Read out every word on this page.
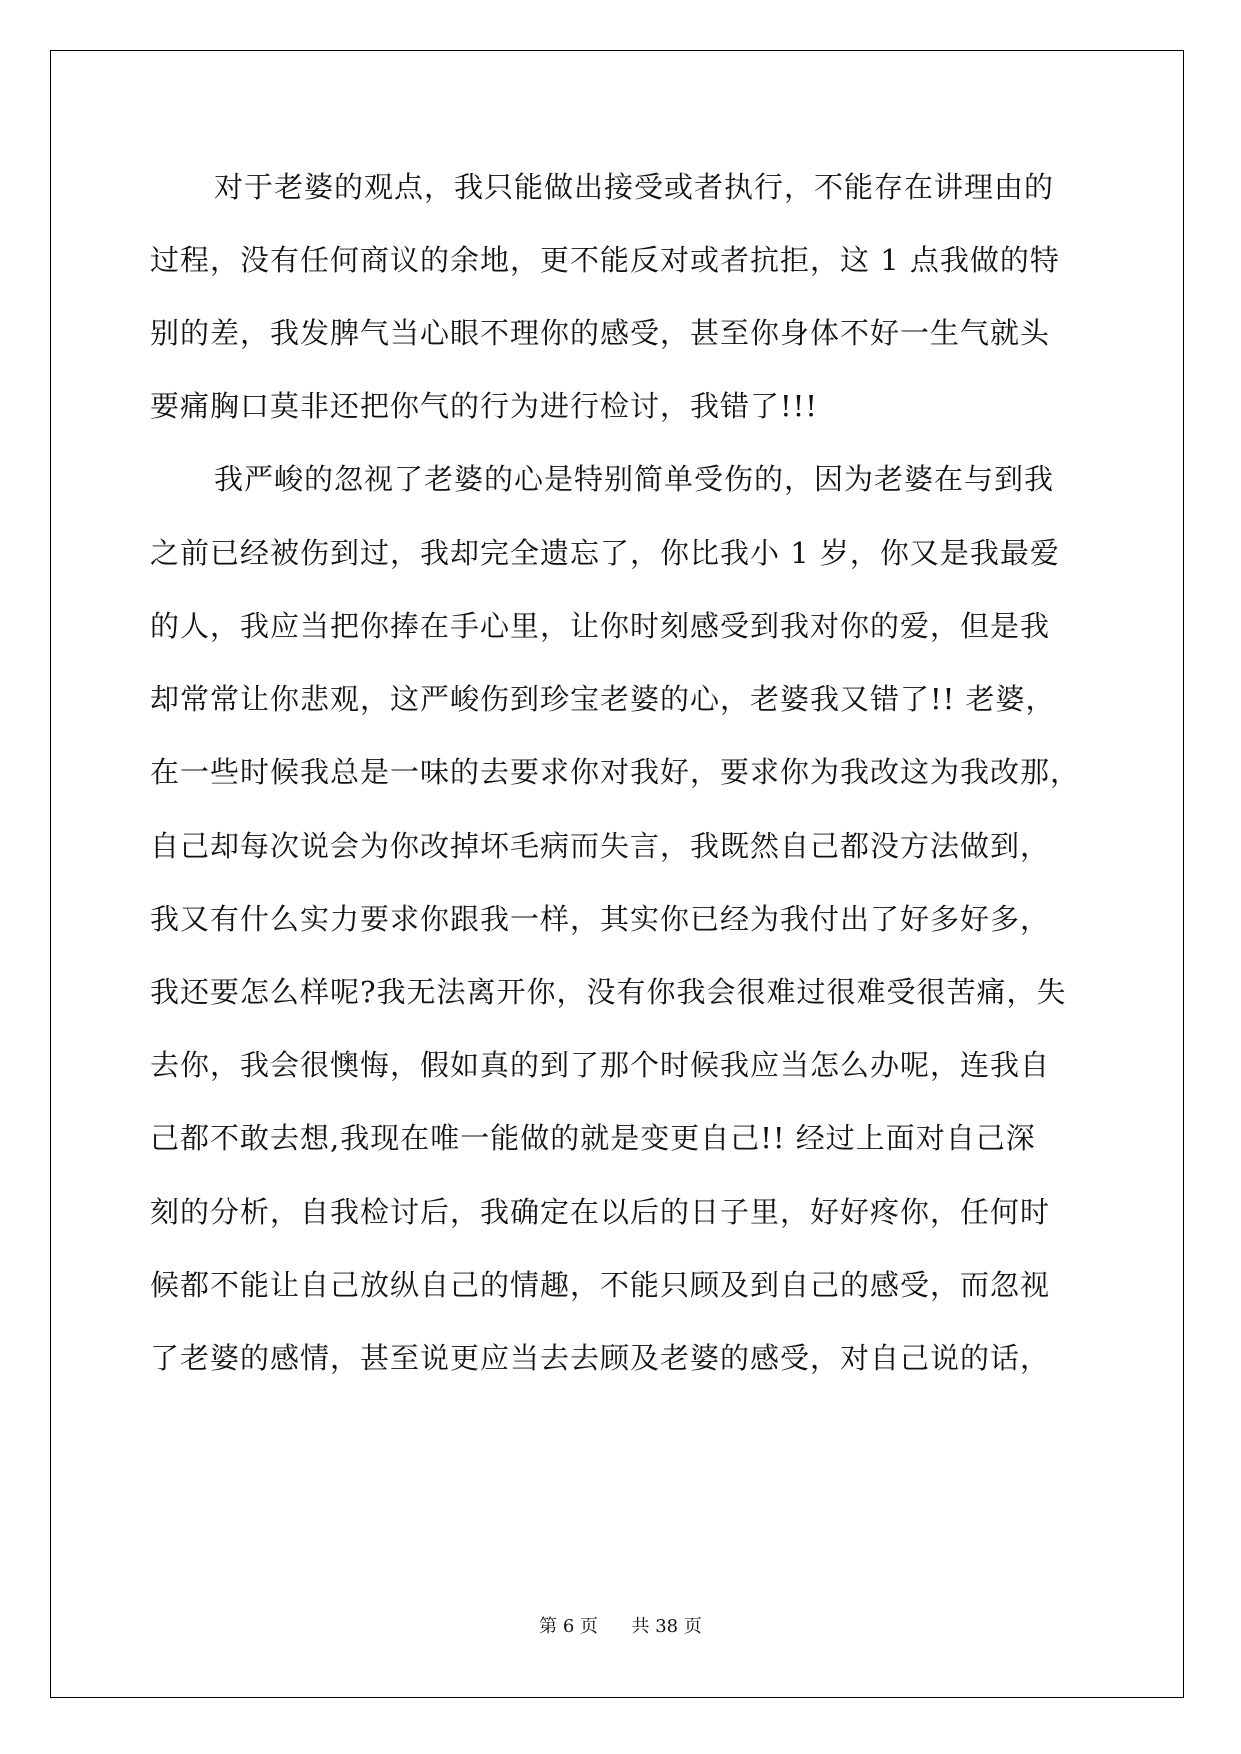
对于老婆的观点，我只能做出接受或者执行，不能存在讲理由的
过程，没有任何商议的余地，更不能反对或者抗拒，这 1 点我做的特
别的差，我发脾气当心眼不理你的感受，甚至你身体不好一生气就头
要痛胸口莫非还把你气的行为进行检讨，我错了!!!
我严峻的忽视了老婆的心是特别简单受伤的，因为老婆在与到我
之前已经被伤到过，我却完全遗忘了，你比我小 1 岁，你又是我最爱
的人，我应当把你捧在手心里，让你时刻感受到我对你的爱，但是我
却常常让你悲观，这严峻伤到珍宝老婆的心，老婆我又错了!! 老婆，
在一些时候我总是一味的去要求你对我好，要求你为我改这为我改那，
自己却每次说会为你改掉坏毛病而失言，我既然自己都没方法做到，
我又有什么实力要求你跟我一样，其实你已经为我付出了好多好多，
我还要怎么样呢?我无法离开你，没有你我会很难过很难受很苦痛，失
去你，我会很懊悔，假如真的到了那个时候我应当怎么办呢，连我自
己都不敢去想,我现在唯一能做的就是变更自己!! 经过上面对自己深
刻的分析，自我检讨后，我确定在以后的日子里，好好疼你，任何时
候都不能让自己放纵自己的情趣，不能只顾及到自己的感受，而忽视
了老婆的感情，甚至说更应当去去顾及老婆的感受，对自己说的话，
第 6 页 共 38 页
